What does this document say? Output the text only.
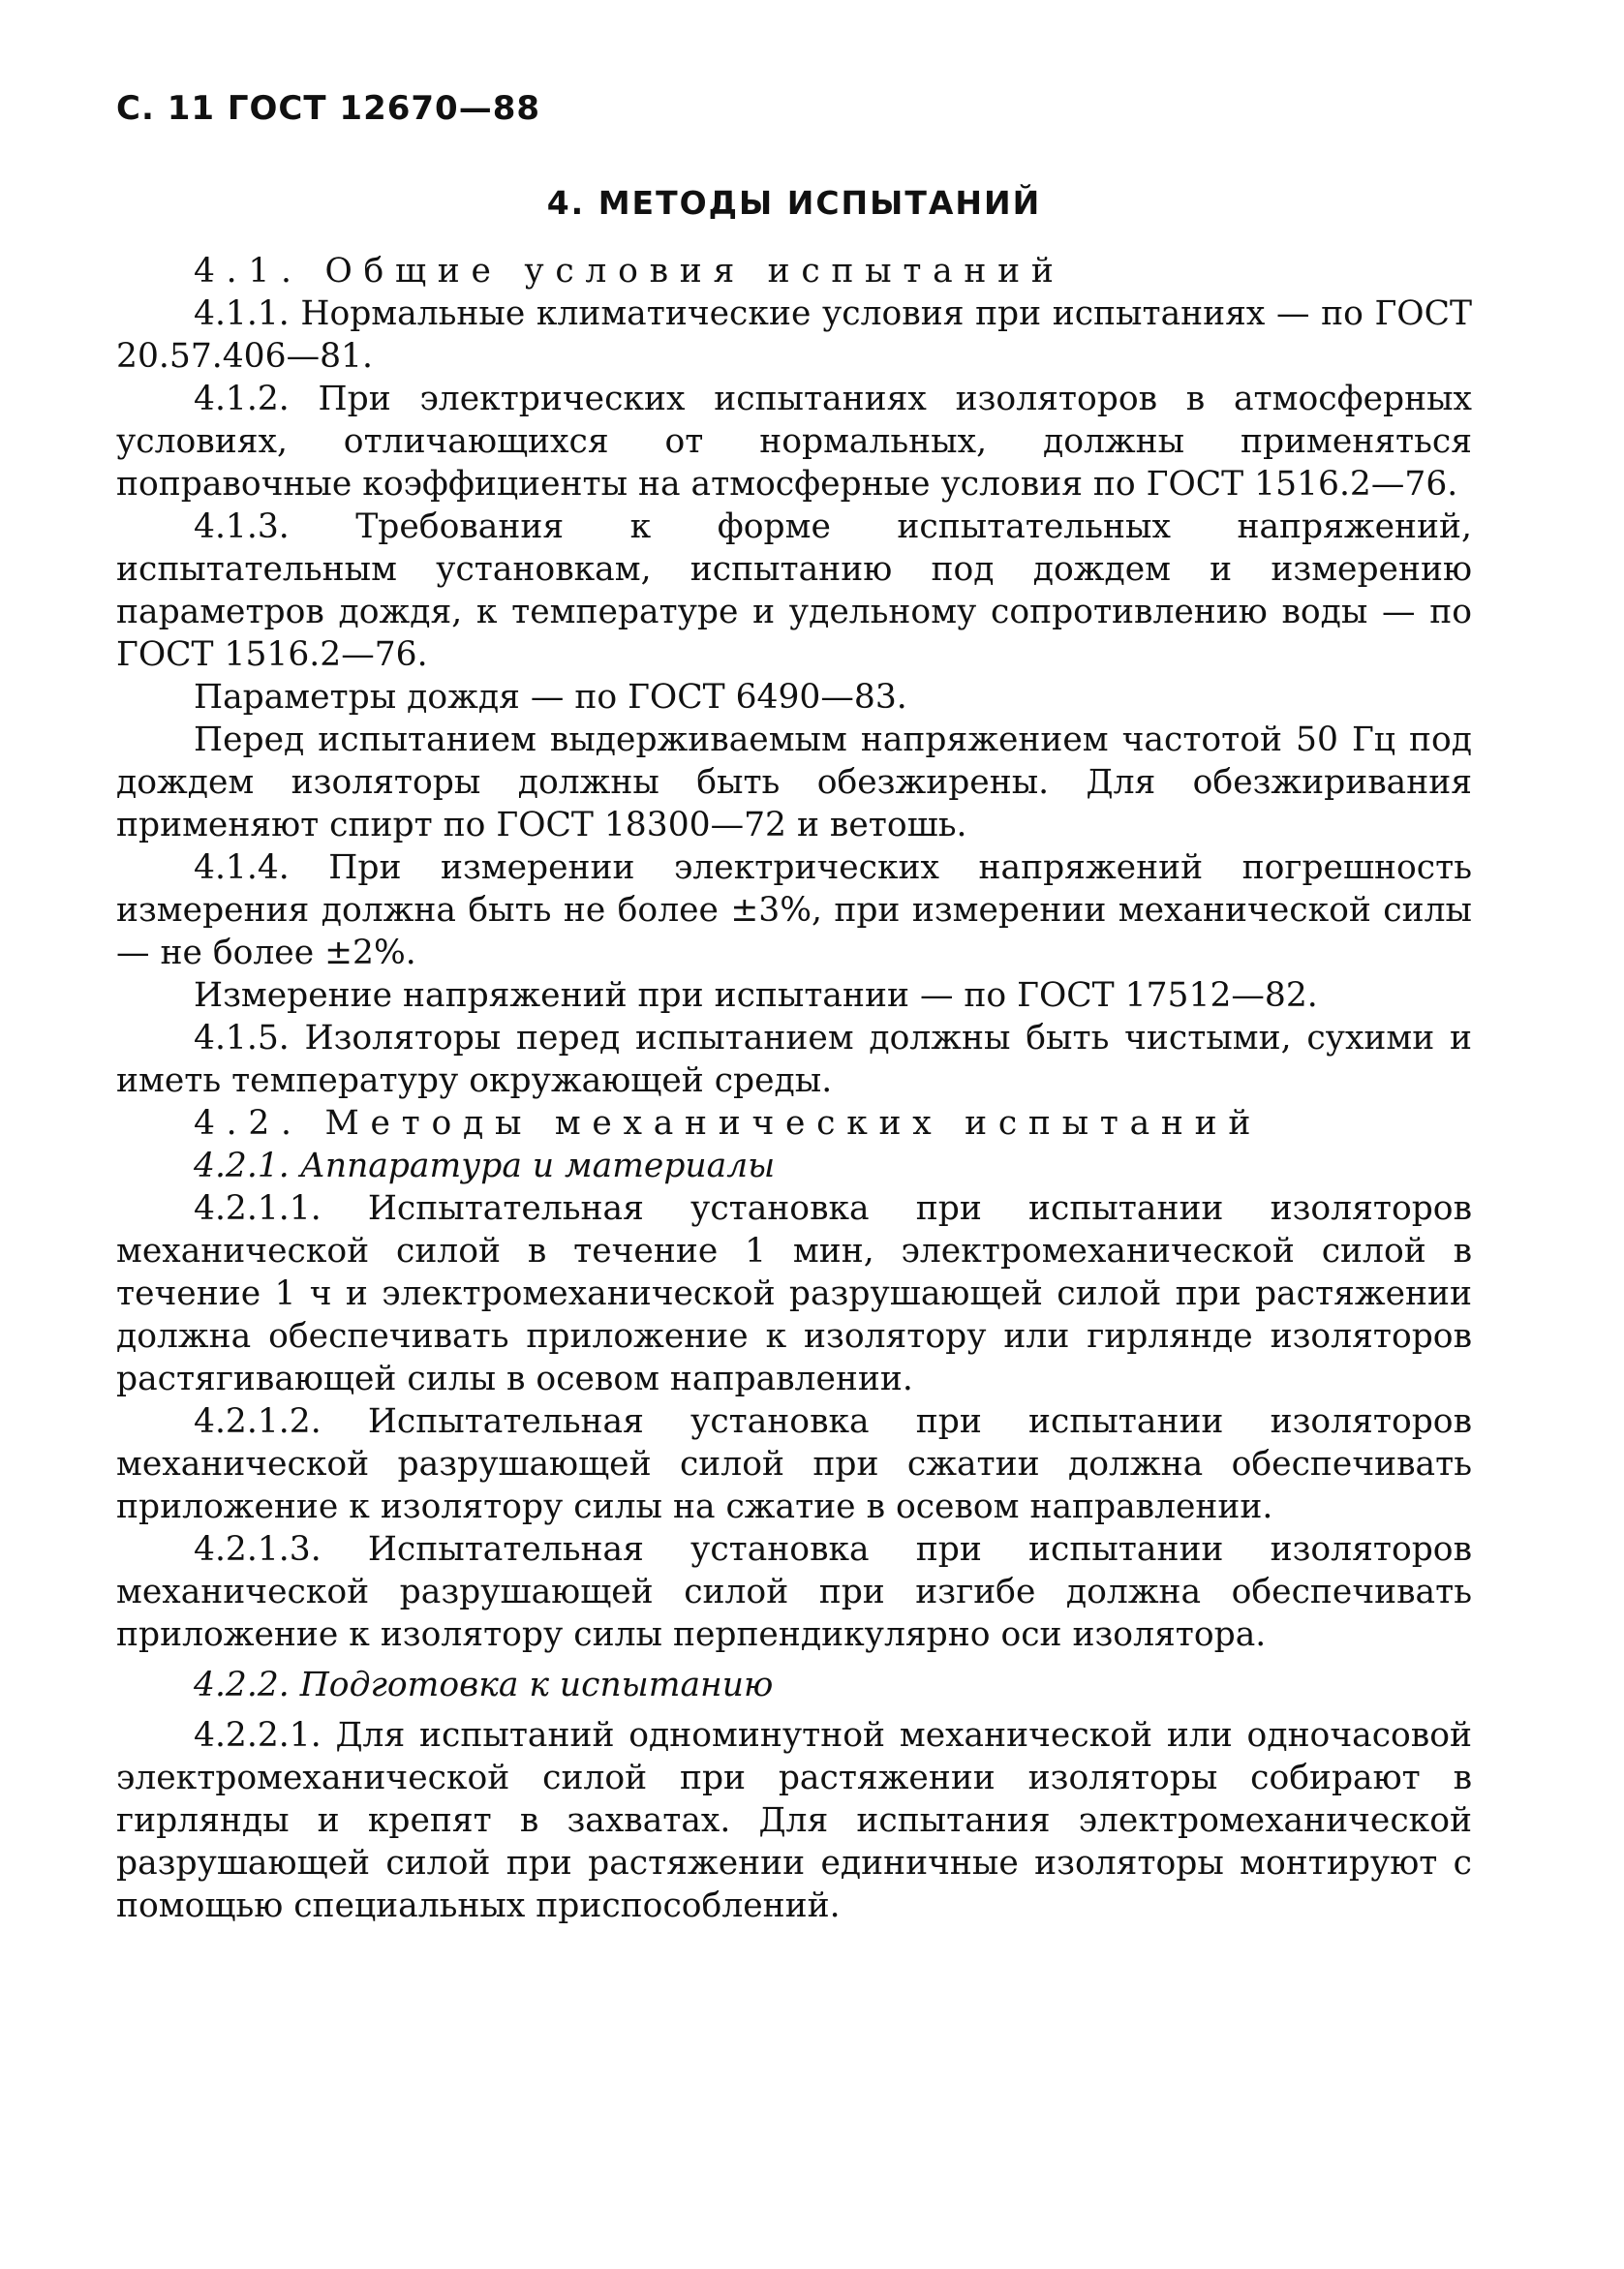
С. 11 ГОСТ 12670—88
4. МЕТОДЫ ИСПЫТАНИЙ

4.1. Общие условия испытаний

4.1.1. Нормальные климатические условия при испытаниях — по ГОСТ 20.57.406—81.

4.1.2. При электрических испытаниях изоляторов в атмосферных условиях, отличающихся от нормальных, должны применяться поправочные коэффициенты на атмосферные условия по ГОСТ 1516.2—76.

4.1.3. Требования к форме испытательных напряжений, испытательным установкам, испытанию под дождем и измерению параметров дождя, к температуре и удельному сопротивлению воды — по ГОСТ 1516.2—76.

Параметры дождя — по ГОСТ 6490—83.

Перед испытанием выдерживаемым напряжением частотой 50 Гц под дождем изоляторы должны быть обезжирены. Для обезжиривания применяют спирт по ГОСТ 18300—72 и ветошь.

4.1.4. При измерении электрических напряжений погрешность измерения должна быть не более ±3%, при измерении механической силы — не более ±2%.

Измерение напряжений при испытании — по ГОСТ 17512—82.

4.1.5. Изоляторы перед испытанием должны быть чистыми, сухими и иметь температуру окружающей среды.

4.2. Методы механических испытаний

4.2.1. Аппаратура и материалы

4.2.1.1. Испытательная установка при испытании изоляторов механической силой в течение 1 мин, электромеханической силой в течение 1 ч и электромеханической разрушающей силой при растяжении должна обеспечивать приложение к изолятору или гирлянде изоляторов растягивающей силы в осевом направлении.

4.2.1.2. Испытательная установка при испытании изоляторов механической разрушающей силой при сжатии должна обеспечивать приложение к изолятору силы на сжатие в осевом направлении.

4.2.1.3. Испытательная установка при испытании изоляторов механической разрушающей силой при изгибе должна обеспечивать приложение к изолятору силы перпендикулярно оси изолятора.

4.2.2. Подготовка к испытанию

4.2.2.1. Для испытаний одноминутной механической или одночасовой электромеханической силой при растяжении изоляторы собирают в гирлянды и крепят в захватах. Для испытания электромеханической разрушающей силой при растяжении единичные изоляторы монтируют с помощью специальных приспособлений.
